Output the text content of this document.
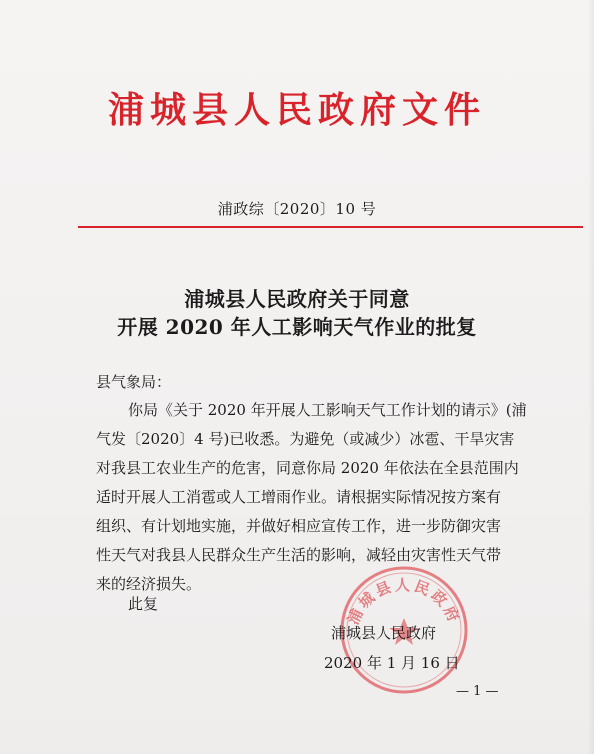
浦城县人民政府文件
浦政综〔2020〕10 号
浦城县人民政府关于同意
开展 2020 年人工影响天气作业的批复
县气象局：
你局《关于 2020 年开展人工影响天气工作计划的请示》(浦
气发〔2020〕4 号)已收悉。为避免（或减少）冰雹、干旱灾害
对我县工农业生产的危害，同意你局 2020 年依法在全县范围内
适时开展人工消雹或人工增雨作业。请根据实际情况按方案有
组织、有计划地实施，并做好相应宣传工作，进一步防御灾害
性天气对我县人民群众生产生活的影响，减轻由灾害性天气带
来的经济损失。
此复	浦城县人民政府
浦城县人民政府
2020 年 1 月 16 日
— 1 —
